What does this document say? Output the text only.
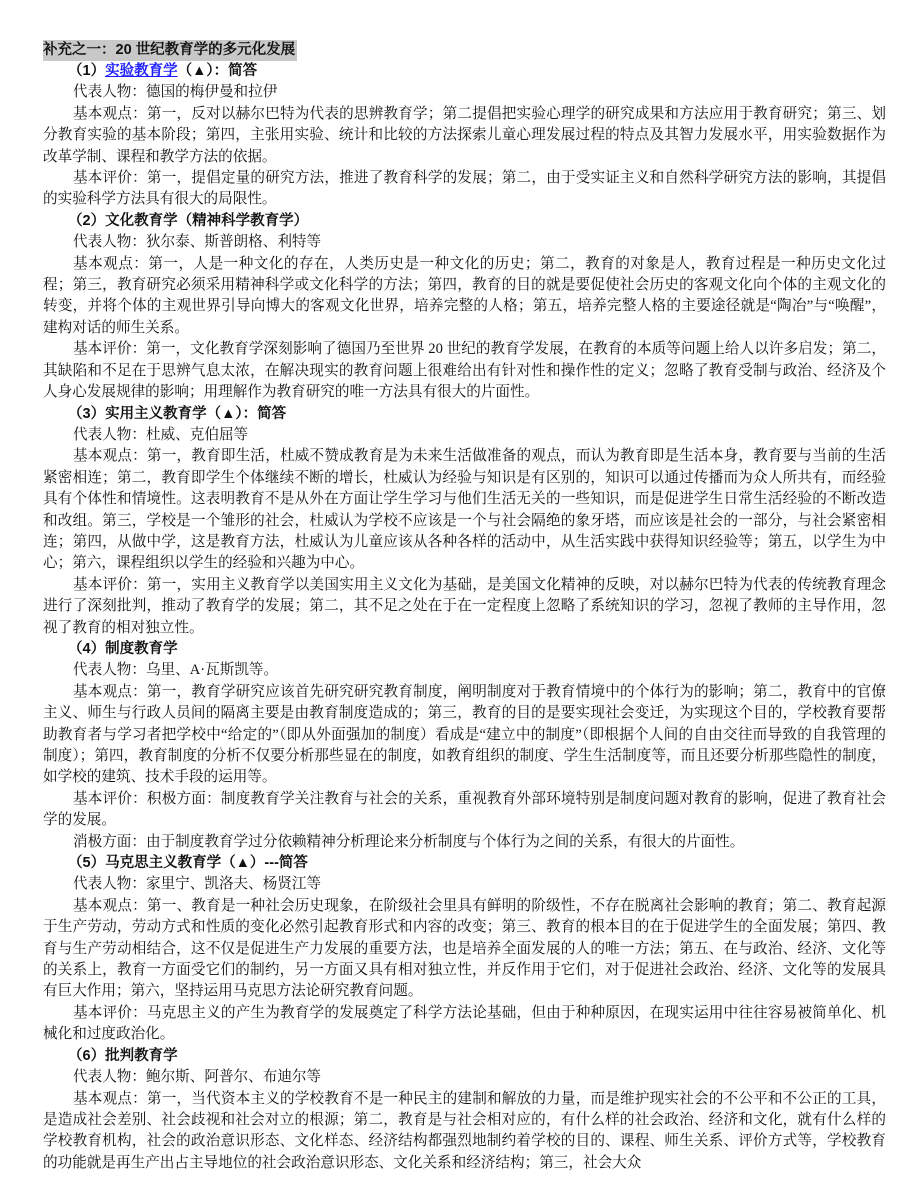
补充之一：20 世纪教育学的多元化发展
（1）实验教育学（▲）：简答

代表人物：德国的梅伊曼和拉伊

基本观点：第一，反对以赫尔巴特为代表的思辨教育学；第二提倡把实验心理学的研究成果和方法应用于教育研究；第三、划分教育实验的基本阶段；第四，主张用实验、统计和比较的方法探索儿童心理发展过程的特点及其智力发展水平，用实验数据作为改革学制、课程和教学方法的依据。

基本评价：第一，提倡定量的研究方法，推进了教育科学的发展；第二，由于受实证主义和自然科学研究方法的影响，其提倡的实验科学方法具有很大的局限性。

（2）文化教育学（精神科学教育学）

代表人物：狄尔泰、斯普朗格、利特等

基本观点：第一，人是一种文化的存在，人类历史是一种文化的历史；第二，教育的对象是人，教育过程是一种历史文化过程；第三，教育研究必须采用精神科学或文化科学的方法；第四，教育的目的就是要促使社会历史的客观文化向个体的主观文化的转变，并将个体的主观世界引导向博大的客观文化世界，培养完整的人格；第五，培养完整人格的主要途径就是“陶冶”与“唤醒”，建构对话的师生关系。

基本评价：第一，文化教育学深刻影响了德国乃至世界 20 世纪的教育学发展，在教育的本质等问题上给人以许多启发；第二，其缺陷和不足在于思辨气息太浓，在解决现实的教育问题上很难给出有针对性和操作性的定义；忽略了教育受制与政治、经济及个人身心发展规律的影响；用理解作为教育研究的唯一方法具有很大的片面性。

（3）实用主义教育学（▲）：简答

代表人物：杜威、克伯屈等

基本观点：第一，教育即生活，杜威不赞成教育是为未来生活做准备的观点，而认为教育即是生活本身，教育要与当前的生活紧密相连；第二，教育即学生个体继续不断的增长，杜威认为经验与知识是有区别的，知识可以通过传播而为众人所共有，而经验具有个体性和情境性。这表明教育不是从外在方面让学生学习与他们生活无关的一些知识，而是促进学生日常生活经验的不断改造和改组。第三，学校是一个雏形的社会，杜威认为学校不应该是一个与社会隔绝的象牙塔，而应该是社会的一部分，与社会紧密相连；第四，从做中学，这是教育方法，杜威认为儿童应该从各种各样的活动中，从生活实践中获得知识经验等；第五，以学生为中心；第六，课程组织以学生的经验和兴趣为中心。

基本评价：第一，实用主义教育学以美国实用主义文化为基础，是美国文化精神的反映，对以赫尔巴特为代表的传统教育理念进行了深刻批判，推动了教育学的发展；第二，其不足之处在于在一定程度上忽略了系统知识的学习，忽视了教师的主导作用，忽视了教育的相对独立性。

（4）制度教育学

代表人物：乌里、A·瓦斯凯等。

基本观点：第一，教育学研究应该首先研究研究教育制度，阐明制度对于教育情境中的个体行为的影响；第二，教育中的官僚主义、师生与行政人员间的隔离主要是由教育制度造成的；第三，教育的目的是要实现社会变迁，为实现这个目的，学校教育要帮助教育者与学习者把学校中“给定的”（即从外面强加的制度）看成是“建立中的制度”（即根据个人间的自由交往而导致的自我管理的制度）；第四，教育制度的分析不仅要分析那些显在的制度，如教育组织的制度、学生生活制度等，而且还要分析那些隐性的制度，如学校的建筑、技术手段的运用等。

基本评价：积极方面：制度教育学关注教育与社会的关系，重视教育外部环境特别是制度问题对教育的影响，促进了教育社会学的发展。

消极方面：由于制度教育学过分依赖精神分析理论来分析制度与个体行为之间的关系，有很大的片面性。

（5）马克思主义教育学（▲）---简答

代表人物：家里宁、凯洛夫、杨贤江等

基本观点：第一、教育是一种社会历史现象，在阶级社会里具有鲜明的阶级性，不存在脱离社会影响的教育；第二、教育起源于生产劳动，劳动方式和性质的变化必然引起教育形式和内容的改变；第三、教育的根本目的在于促进学生的全面发展；第四、教育与生产劳动相结合，这不仅是促进生产力发展的重要方法，也是培养全面发展的人的唯一方法；第五、在与政治、经济、文化等的关系上，教育一方面受它们的制约，另一方面又具有相对独立性，并反作用于它们，对于促进社会政治、经济、文化等的发展具有巨大作用；第六，坚持运用马克思方法论研究教育问题。

基本评价：马克思主义的产生为教育学的发展奠定了科学方法论基础，但由于种种原因，在现实运用中往往容易被简单化、机械化和过度政治化。

（6）批判教育学

代表人物：鲍尔斯、阿普尔、布迪尔等

基本观点：第一，当代资本主义的学校教育不是一种民主的建制和解放的力量，而是维护现实社会的不公平和不公正的工具，是造成社会差别、社会歧视和社会对立的根源；第二，教育是与社会相对应的，有什么样的社会政治、经济和文化，就有什么样的学校教育机构，社会的政治意识形态、文化样态、经济结构都强烈地制约着学校的目的、课程、师生关系、评价方式等，学校教育的功能就是再生产出占主导地位的社会政治意识形态、文化关系和经济结构；第三，社会大众
